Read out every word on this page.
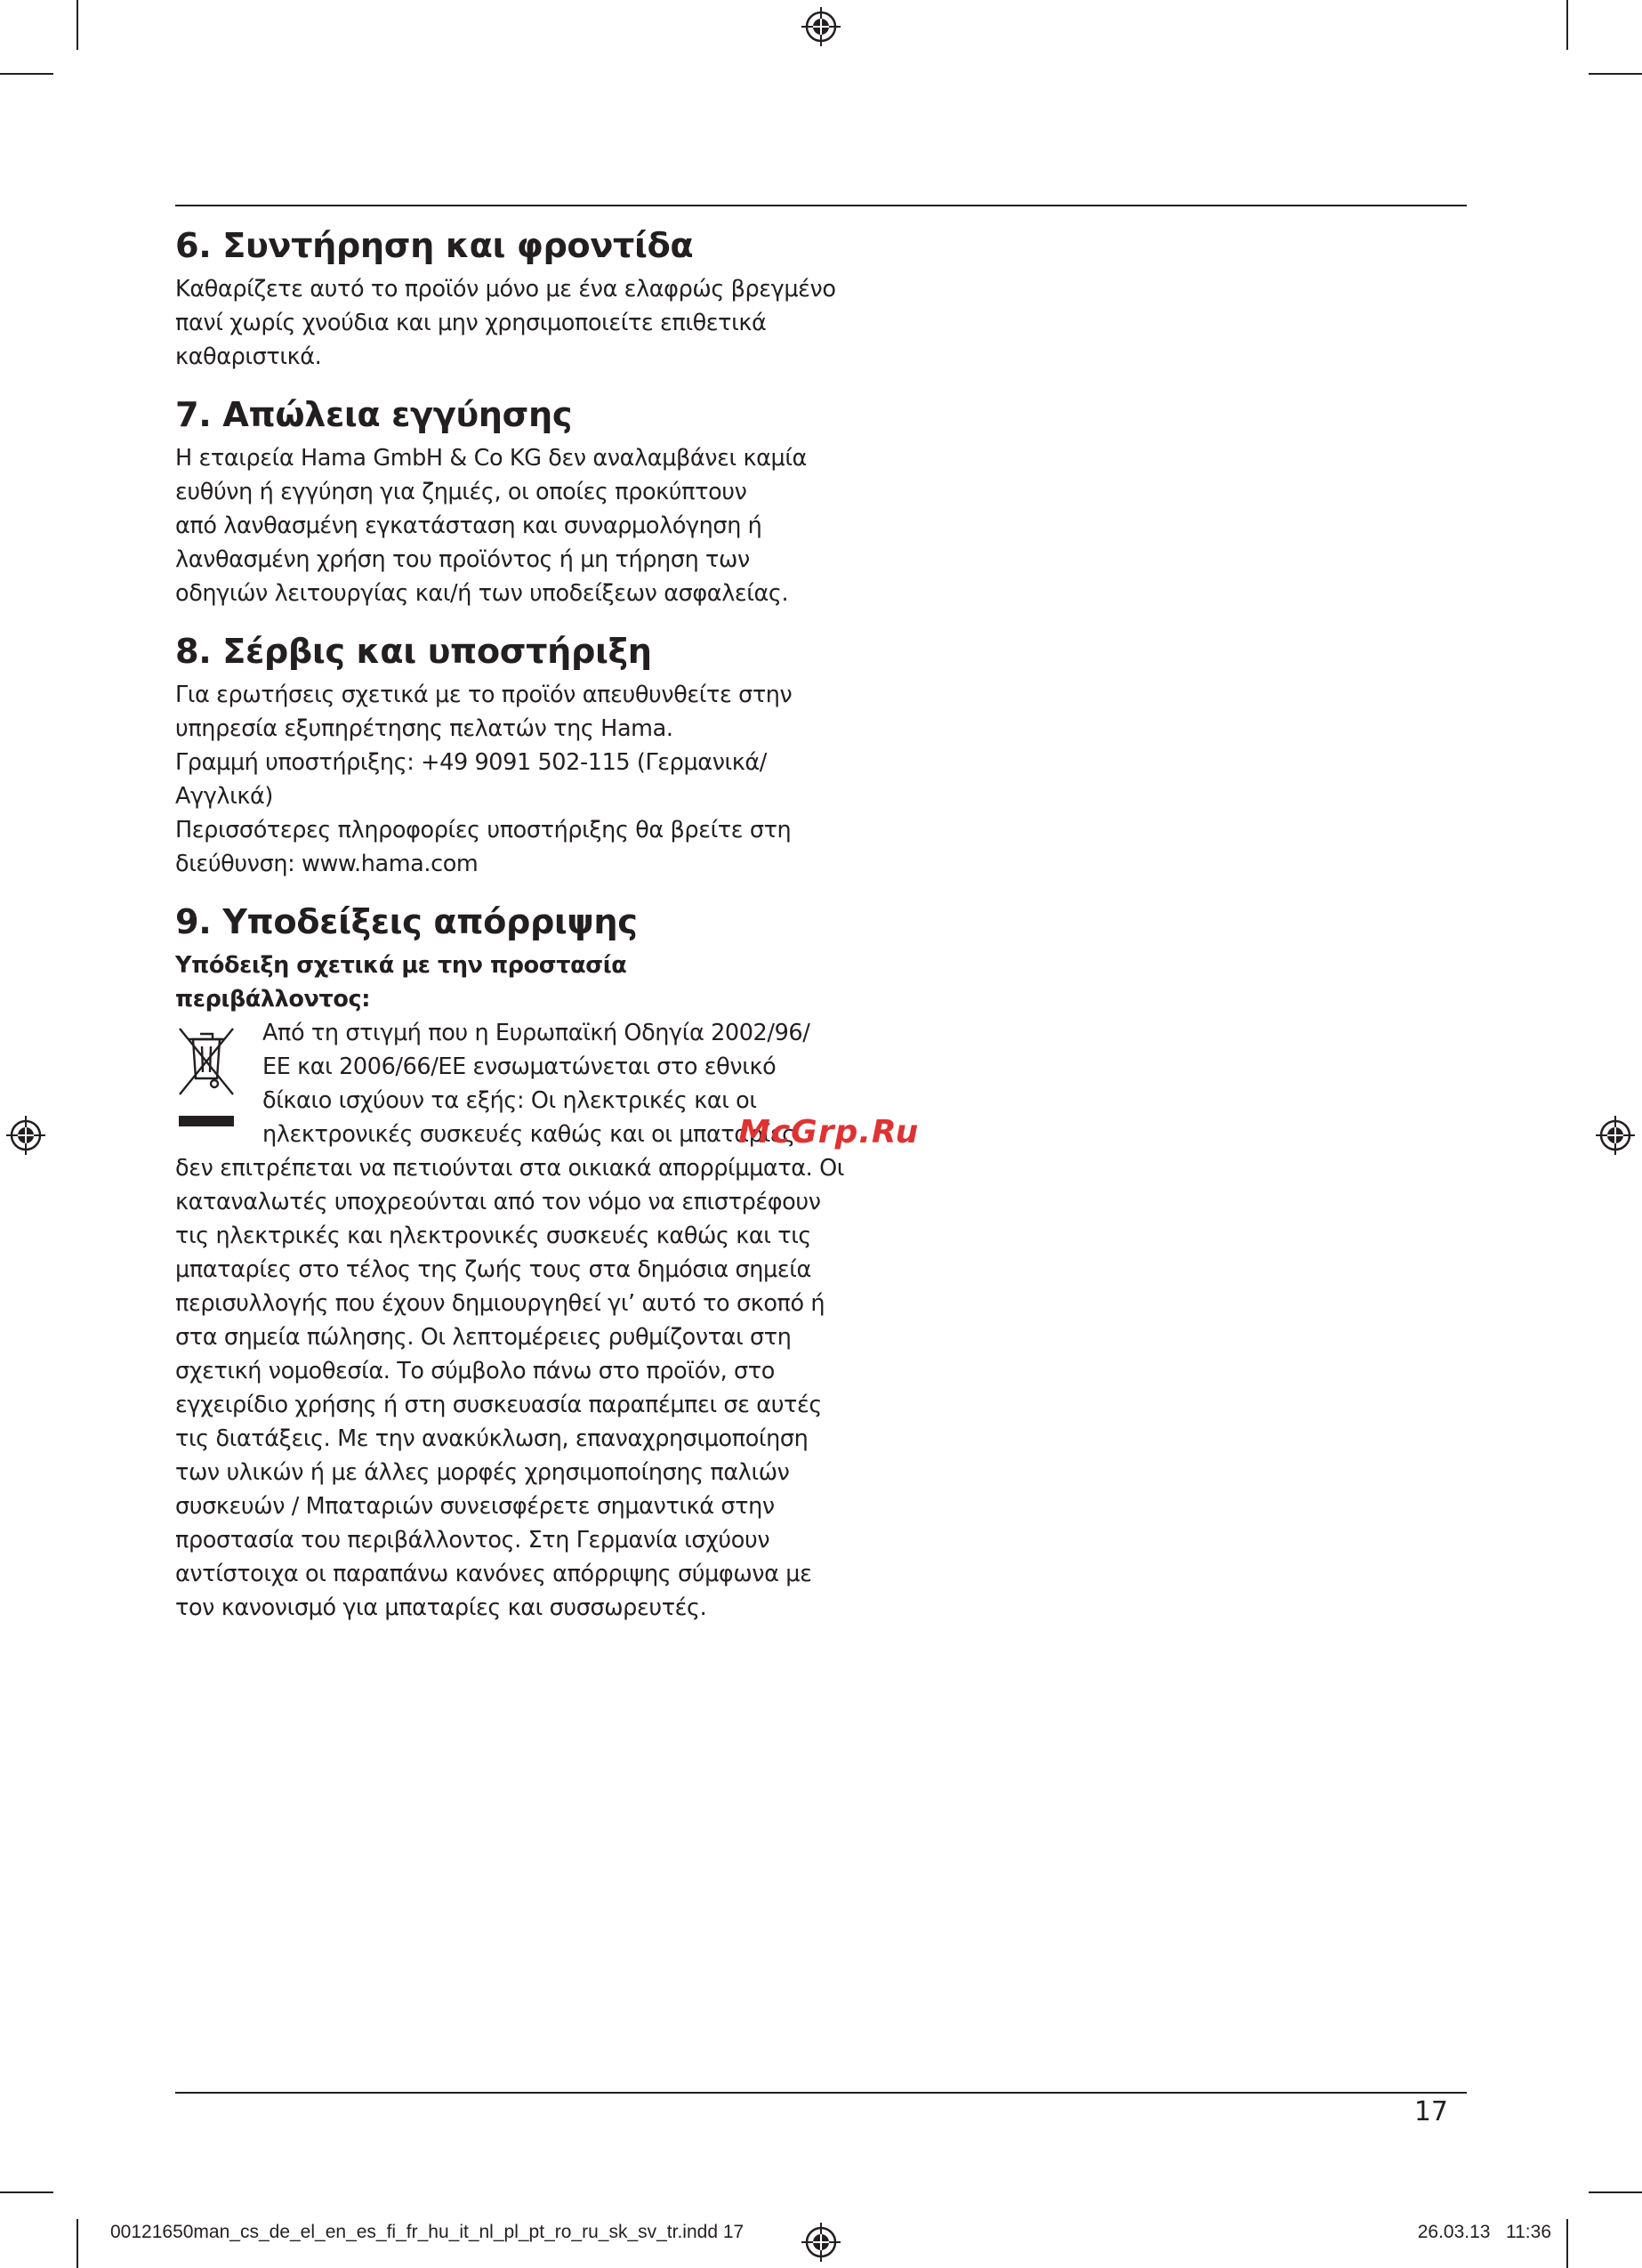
6. Συντήρηση και φροντίδα

Καθαρίζετε αυτό το προϊόν μόνο με ένα ελαφρώς βρεγμένο
πανί χωρίς χνούδια και μην χρησιμοποιείτε επιθετικά
καθαριστικά.

7. Απώλεια εγγύησης

Η εταιρεία Hama GmbH & Co KG δεν αναλαμβάνει καμία
ευθύνη ή εγγύηση για ζημιές, οι οποίες προκύπτουν
από λανθασμένη εγκατάσταση και συναρμολόγηση ή
λανθασμένη χρήση του προϊόντος ή μη τήρηση των
οδηγιών λειτουργίας και/ή των υποδείξεων ασφαλείας.

8. Σέρβις και υποστήριξη

Για ερωτήσεις σχετικά με το προϊόν απευθυνθείτε στην
υπηρεσία εξυπηρέτησης πελατών της Hama.
Γραμμή υποστήριξης: +49 9091 502-115 (Γερμανικά/
Αγγλικά)
Περισσότερες πληροφορίες υποστήριξης θα βρείτε στη
διεύθυνση: www.hama.com

9. Υποδείξεις απόρριψης
Υπόδειξη σχετικά με την προστασία
περιβάλλοντος:
Από τη στιγμή που η Ευρωπαϊκή Οδηγία 2002/96/
ΕΕ και 2006/66/ΕΕ ενσωματώνεται στο εθνικό
δίκαιο ισχύουν τα εξής: Οι ηλεκτρικές και οι
ηλεκτρονικές συσκευές καθώς και οι μπαταρίες
δεν επιτρέπεται να πετιούνται στα οικιακά απορρίμματα. Οι
καταναλωτές υποχρεούνται από τον νόμο να επιστρέφουν
τις ηλεκτρικές και ηλεκτρονικές συσκευές καθώς και τις
μπαταρίες στο τέλος της ζωής τους στα δημόσια σημεία
περισυλλογής που έχουν δημιουργηθεί γι’ αυτό το σκοπό ή
στα σημεία πώλησης. Οι λεπτομέρειες ρυθμίζονται στη
σχετική νομοθεσία. Το σύμβολο πάνω στο προϊόν, στο
εγχειρίδιο χρήσης ή στη συσκευασία παραπέμπει σε αυτές
τις διατάξεις. Με την ανακύκλωση, επαναχρησιμοποίηση
των υλικών ή με άλλες μορφές χρησιμοποίησης παλιών
συσκευών / Μπαταριών συνεισφέρετε σημαντικά στην
προστασία του περιβάλλοντος. Στη Γερμανία ισχύουν
αντίστοιχα οι παραπάνω κανόνες απόρριψης σύμφωνα με
τον κανονισμό για μπαταρίες και συσσωρευτές.
McGrp.Ru
17
00121650man_cs_de_el_en_es_fi_fr_hu_it_nl_pl_pt_ro_ru_sk_sv_tr.indd 17	26.03.13 11:36
